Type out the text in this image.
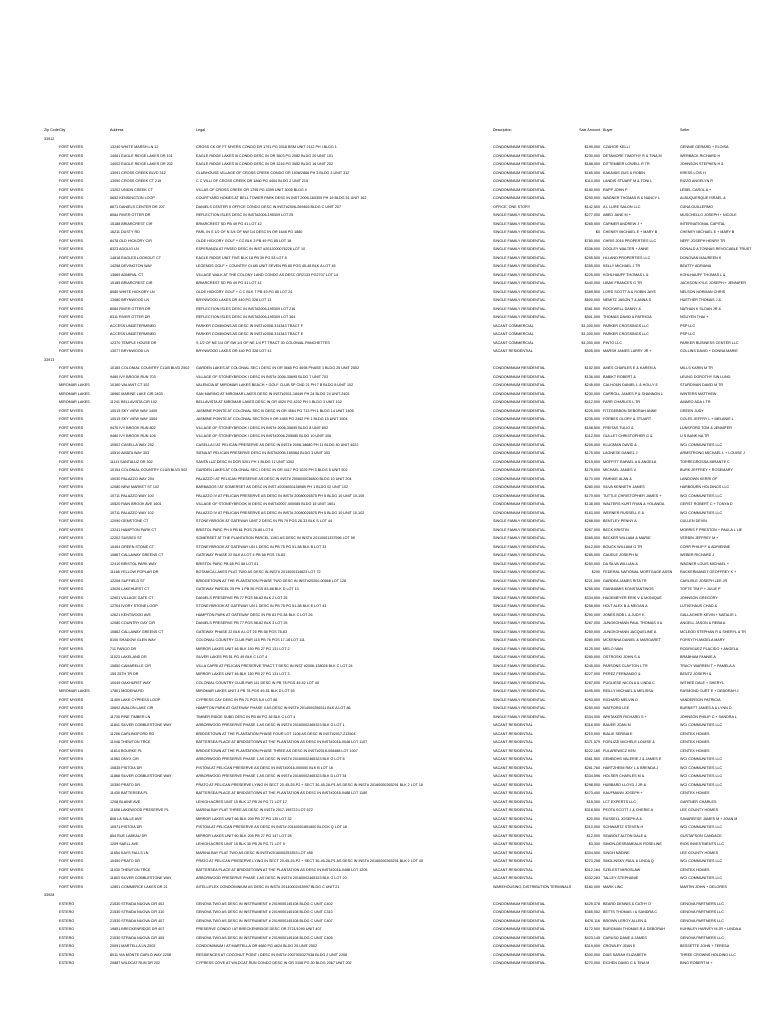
Zip Code City	Address	Legal	Description	Sale Amount Buyer	Seller
33912
FORT MYERS	13240 WHITE MARSH LN 12	CROSS CK OF FT MYERS CONDO DR 1791 PG 0318 BSM UNIT 2112 PH I BLDG 1	CONDOMINIUM RESIDENTIAL	$199,000 CZAHOR KELLI	GENNIE GERARD + ELOISA
FORT MYERS	14081 EAGLE RIDGE LAKES DR 101	EAGLE RIDGE LAKES III CONDO DESC IN OR 3503 PG 2082 BLDG 20 UNIT 101	CONDOMINIUM RESIDENTIAL	$230,000 DETAMORE TIMOTHY R & TINA M	WERBACK RICHARD H
FORT MYERS	14002 EAGLE RIDGE LAKES DR 202	EAGLE RIDGE LAKES III CONDO DESC IN OR 3216 PG 3652 BLDG 16 UNIT 202	CONDOMINIUM RESIDENTIAL	$188,000 DITTEMBER LOWELL R TR	JOHNSON STEPHEN H &
FORT MYERS	13091 CROSS CREEK BLVD 312	CLUBHOUSE VILLAGE OF CROSS CREEK CONDO OR 1938/2886 PH 3 BLDG 3 UNIT 312	CONDOMINIUM RESIDENTIAL	$165,000 KAKAVAS GUS & ROBIN	KRESS LOIS H
FORT MYERS	13090 CROSS CREEK CT 215	C C VILLI OF CROSS CREEK DR 1860 PG 4454 BLDG 2 UNIT 215	CONDOMINIUM RESIDENTIAL	$110,000 LANDIS STUART M & TONI L	RIZZO ANGELYN R
FORT MYERS	13202 UNION CREEK CT	VILLAS OF CROSS CREEK OR 1795 PG 4399 UNIT 3005 BLDG 0	CONDOMINIUM RESIDENTIAL	$150,000 RAPP JOHN P	LEBEL CAROL A +
FORT MYERS	5652 KENSINGTON LOOP	COURTYARD HOMES AT BELL TOWER PARK DESC IN INST 2006-160300 PH 19 BLDG 51 UNIT 162	CONDOMINIUM RESIDENTIAL	$290,000 WAGNER THOMAS B & NANCY L	ALBUQUERQUE ISRAEL &
FORT MYERS	8871 DANIELS CENTER DR 207	DANIELS CENTER II OFFICE CONDO DESC IN INST#2006-269465 BLDG C UNIT 207	OFFICE, ONE STORY	$142,500 A L LURE SALON LLC	CUNA GUILLERMO
FORT MYERS	8084 RIVER OTTER DR	REFLECTION ISLES DESC IN INST#2006-195309 LOT 25	SINGLE FAMILY RESIDENTIAL	$277,000 ABED JANE M +	MUSCHELLO JOSEPH + NICOLE
FORT MYERS	15188 BRIARCREST CIR	BRIARCREST SD PB 49 PG 41 LOT 42	SINGLE FAMILY RESIDENTIAL	$265,000 CARMER ANDREW J +	INTERNATIONAL CAPITAL
FORT MYERS	16211 DUSTY RD	PARL IN S 1/2 OF N 3/4 OF NW 1/4 DESC IN OR 1648 PG 1880	SINGLE FAMILY RESIDENTIAL	$0 CHENEY MICHAEL E + MARY B	CHENEY MICHAEL E + MARY B
FORT MYERS	8478 OLD HICKORY CIR	OLDE HICKORY GOLF + CC BLK 3 PB 49 PG 85 LOT 18	SINGLE FAMILY RESIDENTIAL	$780,000 CHRIS 2016 PROPERTIES LLC	NEFF JOSEPH HENRY TR
FORT MYERS	8323 ADOLIO LN	ESPERANZA AT PASEO DESC IN INST #2012000076226 LOT 10	SINGLE FAMILY RESIDENTIAL	$336,000 DOOLEY WALTER + ANNE	DONALD A TONNAS REVOCABLE TRUST
FORT MYERS	14818 EAGLES LOOKOUT CT	EAGLE RIDGE UNIT FIVE BLK 18 PB 39 PG 53 LOT 8	SINGLE FAMILY RESIDENTIAL	$295,500 HI-LAND PROPERTIES LLC	DONOVAN MAUREEN K
FORT MYERS	14258 DEVINGTON WAY	LEGENDS GOLF + COUNTRY CLUB UNIT SEVEN PB 80 PGS 45-48 BLK A LOT 45	SINGLE FAMILY RESIDENTIAL	$355,000 KELLY MICHAEL J TR	BEATTY ADRIANA
FORT MYERS	13669 ADMIRAL CT	VILLAGE WALK AT THE COLONY LAND CONDO AS DESC OR2133 PG2707 LOT 14	SINGLE FAMILY RESIDENTIAL	$225,000 KOHLHAUFF THOMAS L &	KOHLHAUFF THOMAS L &
FORT MYERS	15185 BRIARCREST CIR	BRIARCREST SD PB 49 PG 41 LOT 41	SINGLE FAMILY RESIDENTIAL	$440,000 LIBAK FRANCES G TR	JACKSON KYLE JOSEPH + JENNIFER
FORT MYERS	8080 WHITE HICKORY LN	OLDE HICKORY GOLF + C C BLK 7 PB 49 PG 85 LOT 24	SINGLE FAMILY RESIDENTIAL	$389,500 LORD SCOTT A & ROBIN JAYE	NELSON NORMAN CHRIS
FORT MYERS	13080 BRYNWOOD LN	BRYNWOOD LAKES DR 440 PG 328 LOT 13	SINGLE FAMILY RESIDENTIAL	$600,000 NEMITZ JASON T & ANNA S	HUETHER THOMAS J &
FORT MYERS	8084 RIVER OTTER DR	REFLECTION ISLES DESC IN INST#2006-195309 LOT 216	SINGLE FAMILY RESIDENTIAL	$361,500 ROCKWELL DANNY &	NATHAN K SLOAN JR &
FORT MYERS	8311 RIVER OTTER DR	REFLECTION ISLES DESC IN INST#2006-195309 LOT 364	SINGLE FAMILY RESIDENTIAL	$501,000 THOMAS DAVID & PATRICIA	NGUYEN THAI +
FORT MYERS	ACCESS UNDETERMINED	PARKER COMMONS AS DESC IN INST#2008-314343 TRACT F	VACANT COMMERCIAL	$1,300,000 PARKER CROSSINGS LLC	PSP LLC
FORT MYERS	ACCESS UNDETERMINED	PARKER COMMONS AS DESC IN INST#2008-314343 TRACT E	VACANT COMMERCIAL	$1,300,000 PARKER CROSSINGS LLC	PSP LLC
FORT MYERS	12370 TEMPLE HOUSE DR	S 1/2 OF NE 1/4 OF SW 1/4 OF NE 1/4 PT TRACT 30 COLONIAL PANCHETTES	VACANT COMMERCIAL	$1,300,000 PINTO LLC	PARKER BUSINESS CENTER LLC
FORT MYERS	13077 BRYNWOOD LN	BRYNWOOD LAKES OR 440 PG 328 LOT 41	VACANT RESIDENTIAL	$505,000 MARSH JAMES LARRY JR +	COLLINS DAVID + DONNA MARIE
33913
FORT MYERS	10165 COLONIAL COUNTRY CLUB BLVD 2502	GARDEN LAKES AT COLONIAL SEC I DESC IN OR 3665 PG 4698 PHASE 1 BLDG 25 UNIT 2502	CONDOMINIUM RESIDENTIAL	$152,500 AMES CHARLES E & KAREN A	MILLS KARIN M TR
FORT MYERS	9460 IVY BROOK RUN 703	VILLAGE OF STONEYBROOK I DESC IN INST# 2006-35695 BLDG 7 UNIT 703	CONDOMINIUM RESIDENTIAL	$136,000 BABIKT ROBERT &	LEUNG DOROTHY SIN LUNG
MIROMAR LAKES	10180 VALIANT CT 102	VALENCIA AT MIROMAR LAKES BEACH + GOLF CLUB SP CND 21 PH 7 B BLDG 8 UNIT 102	CONDOMINIUM RESIDENTIAL	$245,000 CALHOUN DANIEL L & HOLLY E	STURDIVAN DAVID M TR
MIROMAR LAKES	16960 MARINE LAKE CIR 2403	SAN MARINO AT MIROMAR LAKES DESC IN INST#2011-18449 PH 24 BLDG 24 UNIT 2403	CONDOMINIUM RESIDENTIAL	$230,000 CARROLL JAMES P & SHANNON L	WINTERS MATTHEW
MIROMAR LAKES	11241 BELLAVISTA CIR 102	BELLAVISTA AT MIROMAR LAKES DESC IN OR 4020 PG 4202 PH 1 BLDG 3 UNIT 102	CONDOMINIUM RESIDENTIAL	$412,000 FARR CHARLES L TR	AMARO ADA L TR
FORT MYERS	10015 SKY VIEW WAY 1405	JASMINE POINTE AT COLONIAL SEC III DESC IN OR 4564 PG 713 PH 1 BLDG 14 UNIT 1405	CONDOMINIUM RESIDENTIAL	$225,000 FITZGEBBON DEBORAH ANNE	GREEN JUDY
FORT MYERS	10015 SKY VIEW WAY 1504	JASMINE POINTE AT COLONIAL SECTION II OR 4465 PG 2462 PH 1 BLDG 15 UNIT 1504	CONDOMINIUM RESIDENTIAL	$235,000 FORBES GLORY & STUART	COLES JEFFRY L + MELANIE L
FORT MYERS	9470 IVY BROOK RUN 802	VILLAGE OF STONEYBROOK I DESC IN INST# 2006-35695 BLDG 8 UNIT 802	CONDOMINIUM RESIDENTIAL	$158,500 FREITAS TULIO &	LUNSFORD TOM & JENNIFER
FORT MYERS	9480 IVY BROOK RUN 106	VILLAGE OF STONEYBROOK I DESC IN INST#2006-205580 BLDG 10 UNIT 106	CONDOMINIUM RESIDENTIAL	$112,000 GULLET CHRISTOPHER G &	U S BANK NA TR
FORT MYERS	10502 CASELLA WAY 202	CASELLA II AT PELICAN PRESERVE AS DESC IN INST# 2008-18680 PH 11 BLDG 40 UNIT 4022	CONDOMINIUM RESIDENTIAL	$209,000 KLUGMAN DAVID &	WCI COMMUNITIES LLC
FORT MYERS	10510 AMATA WAY 303	SIENA AT PELICAN PRESERVE DESC IN INST#2005-165564 BLDG 3 UNIT 303	CONDOMINIUM RESIDENTIAL	$175,000 LAGNESE DANIEL J	ARMSTRONG MICHAEL L + LOUISE J
FORT MYERS	11111 SANTALUZ DR 302	SANTA LUZ DESC IN DOR 5201 PH 1 BLDG 11 UNIT 1302	CONDOMINIUM RESIDENTIAL	$215,000 MOFFITT RAFAEL A & ANGELA	TORREGROSSA MIRANTE C
FORT MYERS	10154 COLONIAL COUNTRY CLUB BLVD 502	GARDEN LAKES AT COLONIAL SEC I DESC IN OR 4417 PG 1029 PH 3 BLDG 5 UNIT 502	CONDOMINIUM RESIDENTIAL	$175,000 MICHAEL JAMES V	BURK JEFFREY + ROSEMARY
FORT MYERS	10030 PALAZZO WAY 204	PALAZZO I AT PELICAN PRESERVE AS DESC IN INST# 2006000036800 BLDG 10 UNIT 204	CONDOMINIUM RESIDENTIAL	$170,000 PAHNKE ALAN &	LANDOWN KERRI OF
FORT MYERS	12080 NEW MARKET ST 102	BARBADOS I AT SOMERSET AS DESC IN INST #2006001158989 PH 1 BLDG 02 UNIT 102	CONDOMINIUM RESIDENTIAL	$280,000 SILVA KENNETH JAMES	HARBOURN HOLDINGS LLC
FORT MYERS	10711 PALAZZO WAY 100	PALAZZO IV AT PELICAN PRESERVE AS DESC IN INST# 20080026575 PH 5 BLDG 10 UNIT 10-105	CONDOMINIUM RESIDENTIAL	$170,000 TUTTLE CHRISTOPHER JAMES +	WCI COMMUNITIES LLC
FORT MYERS	10520 RAIN BROOK AVE 1601	VILLAGE OF STONEYBROOK III DESC IN INST#2007-000085 BLDG 15 UNIT 1601	CONDOMINIUM RESIDENTIAL	$138,000 WALTERS KURT RYAN & YOLANDA	GERST ROBERT C + TONYA D
FORT MYERS	10711 PALAZZO WAY 102	PALAZZO IV AT PELICAN PRESERVE AS DESC IN INST# 20080026575 PH 5 BLDG 10 UNIT 10-102	CONDOMINIUM RESIDENTIAL	$163,000 WERNER RUSSELL E &	WCI COMMUNITIES LLC
FORT MYERS	12090 GEMSTONE CT	STONEYBROOK AT GATEWAY UNIT 2 DESC IN PB 79 PGS 26-33 BLK S LOT 44	SINGLE FAMILY RESIDENTIAL	$288,000 BENTLEY PENNY A	CULLEN DEVIN
FORT MYERS	13241 HAMPTON PARK CT	BRISTOL PARC PH II PB 61 PGS 75-80 LOT 6	SINGLE FAMILY RESIDENTIAL	$267,000 BECK KRISTIN	MORRIS F PRESTON + PAULA L LIE
FORT MYERS	12202 SUSSEX ST	SOMERSET AT THE PLANTATION PARCEL 119G AS DESC IN INST# 20110001337596 LOT 59	SINGLE FAMILY RESIDENTIAL	$365,000 BECKER WILLIAM & MARIE	VERBIN JEFFREY M +
FORT MYERS	10454 GREEN STONE CT	STONEYBROOK AT GATEWAY UN 1 DESC IN PB 75 PG 51-58 BLK B LOT 33	SINGLE FAMILY RESIDENTIAL	$412,000 BOUCK WILLIAM G TR	CORR PHILIP F & ADRIENNE
FORT MYERS	10867 CALLAWAY GREENS CT	GATEWAY PHASE 22 BLK A LOT 4 PB 58 PGS 78-83	SINGLE FAMILY RESIDENTIAL	$285,000 CAUDLE JOSEPH M	WEBER RICHARD J
FORT MYERS	12410 BRISTOL PARK WAY	BRISTOL PARC PB 58 PG 58 LOT 61	SINGLE FAMILY RESIDENTIAL	$250,000 DA SILVA WILLIAN &	WAGNER LOUIS MICHAEL +
FORT MYERS	11168 YELLOW POPLAR DR	BOTANICA LAKES PLAT TWO AS DESC IN INST# 2013000114823 LOT 72	SINGLE FAMILY RESIDENTIAL	$200 FEDERAL NATIONAL MORTGAGE ASSN	RACKERMANDT GEOFFREY K +
FORT MYERS	12208 SUFFIELD ST	BRIDGETOWN AT THE PLANTATION PHASE TWO DESC IN INST#20200-00568 LOT 128	SINGLE FAMILY RESIDENTIAL	$221,000 GARDEA JAMES RITA TR	CARLISLE JOSEPH LEE JR
FORT MYERS	13026 LAKEHURST CT	GATEWAY PARCEL 25 PH 1 PB 55 PGS 83-86 BLK D LOT 13	SINGLE FAMILY RESIDENTIAL	$255,000 GIANNAMIS KONSTANTINOS	TOFTE TIM P + JULIE P
FORT MYERS	12601 VILLAGE GATE CT	DANIELS PRESERVE PB 77 PGS 58-62 BLK 2 LOT 25	SINGLE FAMILY RESIDENTIAL	$334,000 HAGEMEYER ERIK V & MONIQUE	JOHNSON GREGORY
FORT MYERS	12704 IVORY STONE LOOP	STONEYBROOK AT GATEWAY UN 1 DESC IN PB 75 PG 51-58 BLK E LOT 43	SINGLE FAMILY RESIDENTIAL	$256,000 HOLT ALEX B & MEGAN A	LUTKEHAUS CHAD &
FORT MYERS	12621 KENTWOOD AVE	HAMPTON PARK AT GATEWAY DESC IN PB 83 PG 84 BLK C LOT 26	SINGLE FAMILY RESIDENTIAL	$290,000 JONES BOB L & JUDY K	GALLAGHER KEVIN + NATALIE L
FORT MYERS	12080 COUNTRY DAY CIR	DANIELS PRESERVE PB 77 PGS 58-62 BLK 3 LOT 25	SINGLE FAMILY RESIDENTIAL	$287,000 JUNGKOHANN PAUL THOMAS II &	ANGELL JASON & REBA A
FORT MYERS	10862 CALLAWAY GREENS CT	GATEWAY PHASE 22 BLK A LOT 25 PB 58 PGS 78-83	SINGLE FAMILY RESIDENTIAL	$250,000 JUNGKOHANN JACQUELINE A	MCLEOD STEPHAN R & SHERYL A TR
FORT MYERS	8100 SHADOW GLEN WAY	COLONIAL COUNTRY CLUB PAR 115 PB 76 PGS 17-18 LOT 111	SINGLE FAMILY RESIDENTIAL	$280,000 MCKENNA DANIEL & MARGARET	FORSYTH ANGELA MARY
FORT MYERS	711 FARGO DR	MIRROR LAKES UNIT 46 BLK 150 PB 27 PG 131 LOT 2	SINGLE FAMILY RESIDENTIAL	$125,000 MELO IVAN	RODRIGUEZ PLACIDO + ANGELA
FORT MYERS	11023 LAKELAND DR	SILVER LAKES PB 51 PG 49 BLK C LOT 4	SINGLE FAMILY RESIDENTIAL	$280,000 OSTROSKI JOHN S &	BRABHAM FANNIE A
FORT MYERS	10850 CAMARELLE CIR	VILLA CAPRI AT PELICAN PRESERVE TRACT T DESC IN INST #2006-138026 BLK C LOT 24	SINGLE FAMILY RESIDENTIAL	$245,000 PARSONS CLAYTON L TR	TRACY WARREN T + PAMELA A
FORT MYERS	155 25TH TR DR	MIRROR LAKES UNIT 46 BLK 150 PB 27 PG 131 LOT 3	SINGLE FAMILY RESIDENTIAL	$227,000 PEREZ FERNANDO &	BENTZ JOSEPH &
FORT MYERS	10049 OAKHURST WAY	COLONIAL COUNTRY CLUB PAR 111 DESC IN PB 78 PGS 49-52 LOT 40	SINGLE FAMILY RESIDENTIAL	$287,000 PUGLIESE NICOLA & LINDA C	WITHEE DALE + SHERYL
MIROMAR LAKES	17801 MODENA RD	MIROMAR LAKES UNIT 4 PB 78 PGS 49-51 BLK D LOT 55	SINGLE FAMILY RESIDENTIAL	$495,000 REILLY MICHAEL & MELISSA	RAYMOND CURT E + DEBORAH J
FORT MYERS	11409 LAKE CYPRESS LOOP	CYPRESS CAY DESC IN PB 71 PGS 5-9 LOT 88	SINGLE FAMILY RESIDENTIAL	$293,000 RICHARD MELVIN D	VANDERSON PATRICIA
FORT MYERS	10692 AVALON LAKE CIR	HAMPTON PARK AT GATEWAY PHASE II AS DESC IN INST# 2014000256311 BLK A LOT 86	SINGLE FAMILY RESIDENTIAL	$250,000 WATFORD LEE	BURNETT JAMES A & LYNN D
FORT MYERS	11730 PINE TIMBER LN	TIMBER RIDGE SUBD DESC IN PB 80 PG 36 BLK C LOT 4	SINGLE FAMILY RESIDENTIAL	$334,000 WHITAKER RICHARD S +	JOHNSON PHILIP C + SANDRA L
FORT MYERS	11841 SILVER COBBLESTONE WAY	ARBORWOOD PRESERVE PHASE 1 AS DESC IN INST# 20160002465323 BLK G LOT 1	VACANT RESIDENTIAL	$318,000 BAUER JOAN M	WCI COMMUNITIES LLC
FORT MYERS	11206 CARLINGFORD RD	BRIDGETOWN AT THE PLANTATION PHASE FOUR LOT 1106 AS DESC IN INST#2017-213504	VACANT RESIDENTIAL	$210,000 BIALIK SERINA E	CENTEX HOMES
FORT MYERS	11048 THEWTON TRCE	BATTERSEA PLACE AT BRIDGETOWN AT THE PLANTATION AS DESC IN INST#2016-0048 LOT 1107	VACANT RESIDENTIAL	$371,579 FORLIZZI MICHELE LOUISE &	CENTEX HOMES
FORT MYERS	11614 BOURKE PL	BRIDGETOWN AT THE PLANTATION PHASE THREE AS DESC IN INST#2016-008488 LOT 1007	VACANT RESIDENTIAL	$222,160 FULAREWICZ KEN	CENTEX HOMES
FORT MYERS	11563 ONYX CIR	ARBORWOOD PRESERVE PHASE 1 AS DESC IN INST# 20160002465323 BLK G LOT 8	VACANT RESIDENTIAL	$361,500 GEMBOHS VALERIE J & JAMES E	WCI COMMUNITIES LLC
FORT MYERS	10835 PISTOIA DR	PISTOIA AT PELICAN PRESERVE AS DESC IN INST#2016-000000 BLK B LOT 16	VACANT RESIDENTIAL	$261,760 HARTZHEIM RAY L & BRENDA J	WCI COMMUNITIES LLC
FORT MYERS	11868 SILVER COBBLESTONE WAY	ARBORWOOD PRESERVE PHASE 1 AS DESC IN INST# 20160002465323 BLK D LOT 34	VACANT RESIDENTIAL	$334,596 HOLSER CHARLES M &	WCI COMMUNITIES LLC
FORT MYERS	10350 PRATO DR	PRATO AT PELICAN PRESERVE LYING IN SECT 20-45-25-P2 + SECT 30-45-26-P1 AS DESC IN INST# 20160000265291 BLK 2 LOT 16	VACANT RESIDENTIAL	$298,000 HUBBARD LLOYD J JR &	WCI COMMUNITIES LLC
FORT MYERS	11430 BATTERSEA PL	BATTERSEA PLACE AT BRIDGETOWN AT THE PLANTATION AS DESC IN INST#2016-0488 LOT 1180	VACANT RESIDENTIAL	$473,400 KAUFMANN JOSEPH +	CENTEX HOMES
FORT MYERS	1208 BLAINE AVE	LEHIGH ACRES UNIT 15 BLK 17 PB 26 PG 71 LOT 17	VACANT RESIDENTIAL	$15,300 LCT EXPERTS LLC	GARTNER CHARLES
FORT MYERS	11608 LAKEWOOD PRESERVE PL	MARINA BAY PLAT THREE AS DESC IN INST# 2017-198723 LOT 572	VACANT RESIDENTIAL	$318,500 PEOTA SCOTT J & CHERIE A	LEE COUNTY HOMES
FORT MYERS	806 LA SALLE AVE	MIRROR LAKES UNIT 66 BLK 209 PB 27 PG 135 LOT 32	VACANT RESIDENTIAL	$20,000 RUSSELL JOSEPH A &	SAVAREESE JAMES M + JOAN M
FORT MYERS	10571 PISTOIA DR	PISTOIA AT PELICAN PRESERVE AS DESC IN INST# 20160001891800 BLOCK Q LOT 18	VACANT RESIDENTIAL	$310,000 SCHWARTZ STEVEN H	WCI COMMUNITIES LLC
FORT MYERS	854 RUE LABEAU DR	MIRROR LAKES UNIT 60 BLK 209 PB 27 PG 147 LOT 28	VACANT RESIDENTIAL	$12,000 SEABOLT ALTON DALE &	GUSTAFSON CANDACE
FORT MYERS	1259 SAELL AVE	LEHIGH ACRES UNIT 15 BLK 30 PB 26 PG 71 LOT 5	VACANT RESIDENTIAL	$3,300 SIMON-DESRAMEAUX ROSELINE	RIOS INVESTMENTS LLC
FORT MYERS	11654 KAYS FALLS LN	MARINA BAY PLAT TWO AS DESC IN INST#2016000253353 LOT 455	VACANT RESIDENTIAL	$304,900 SINGH NADINE	LEE COUNTY HOMES
FORT MYERS	10450 PRATO DR	PRATO AT PELICAN PRESERVE LYING IN SECT 20-45-25-P2 + SECT 30-45-26-P1 AS DESC IN INST# 20160000265291 BLK 2 LOT 40	VACANT RESIDENTIAL	$273,258 SMOLINSKY PAUL & LINDA Q	WCI COMMUNITIES LLC
FORT MYERS	11030 THEWTON TRCE	BATTERSEA PLACE AT BRIDGETOWN AT THE PLANTATION AS DESC IN INST#2016-0488 LOT 1205	VACANT RESIDENTIAL	$312,164 SZELEST MIROSLAW	CENTEX HOMES
FORT MYERS	11803 SILVER COBBLESTONE WAY	ARBORWOOD PRESERVE PHASE 1 AS DESC IN INST# 20160002465323 BLK G LOT 20	VACANT RESIDENTIAL	$332,283 TALLEY STEPHANIE	WCI COMMUNITIES LLC
FORT MYERS	12801 COMMERCE LAKES DR 21	INTELLIFLEX CONDOMINIUM AS DESC IN INST# 20140002415997 BLDG C UNIT 21	WAREHOUSING, DISTRIBUTION TERMINALS	$160,000 MARK LINC	MARTIN JOHN + DELORES
33928
ESTERO	21530 STRADA NUOVA CIR 402	GENOVA TWO AS DESC IN INSTRUMENT # 2019000145108 BLDG C UNIT C402	CONDOMINIUM RESIDENTIAL	$425,378 BEARD DENNIS & CATHY D	GENOVA PARTNERS LLC
ESTERO	21530 STRADA NUOVA CIR 310	GENOVA TWO AS DESC IN INSTRUMENT # 2019000145108 BLDG C UNIT C310	CONDOMINIUM RESIDENTIAL	$365,052 BETTS THOMAS I & SANDRA C	GENOVA PARTNERS LLC
ESTERO	21530 STRADA NUOVA CIR 407	GENOVA TWO AS DESC IN INSTRUMENT # 2019000145108 BLDG C UNIT C407	CONDOMINIUM RESIDENTIAL	$476,116 BROWN LEROY ALLEN &	GENOVA PARTNERS LLC
ESTERO	19851 BRECKENRIDGE DR 407	PRESERVE CONDO I AT BRECKENRIDGE DESC OR 3721/1090 UNIT 407	CONDOMINIUM RESIDENTIAL	$172,500 BURGMAN THOMAS R & DEBORAH	KUHNLEY HARVEY M JR + LINDA A
ESTERO	21530 STRADA NUOVA CIR 405	GENOVA TWO AS DESC IN INSTRUMENT # 2019000145108 BLDG C UNIT C405	CONDOMINIUM RESIDENTIAL	$423,145 CARUSO DANE & JAMES	GENOVA PARTNERS LLC
ESTERO	20091 MARTELLA LN 2502	CONDOMINIUM I AT MARTELLA OR 4680 PG 4624 BLDG 25 UNIT 2502	CONDOMINIUM RESIDENTIAL	$319,000 CROWLEY JEAN E	BESSETTE JOHN + TERESA
ESTERO	8011 VIA MONTE CARLO WAY 2208	RESIDENCES AT COCONUT POINT I DESC IN INST# 2007000327038 BLDG 2 UNIT 2208	CONDOMINIUM RESIDENTIAL	$300,000 DIAS SARAH ELIZABETH	THREE CROWNS HOLDING LLC
ESTERO	20887 WILDCAT RUN DR 202	CYPRESS COVE AT WILDCAT RUN CONDO DESC IN OR 3108 PG 30 BLDG 2067 UNIT 202	CONDOMINIUM RESIDENTIAL	$270,000 EICHEN DAVID C & TINA M	BING ROBERT M +
